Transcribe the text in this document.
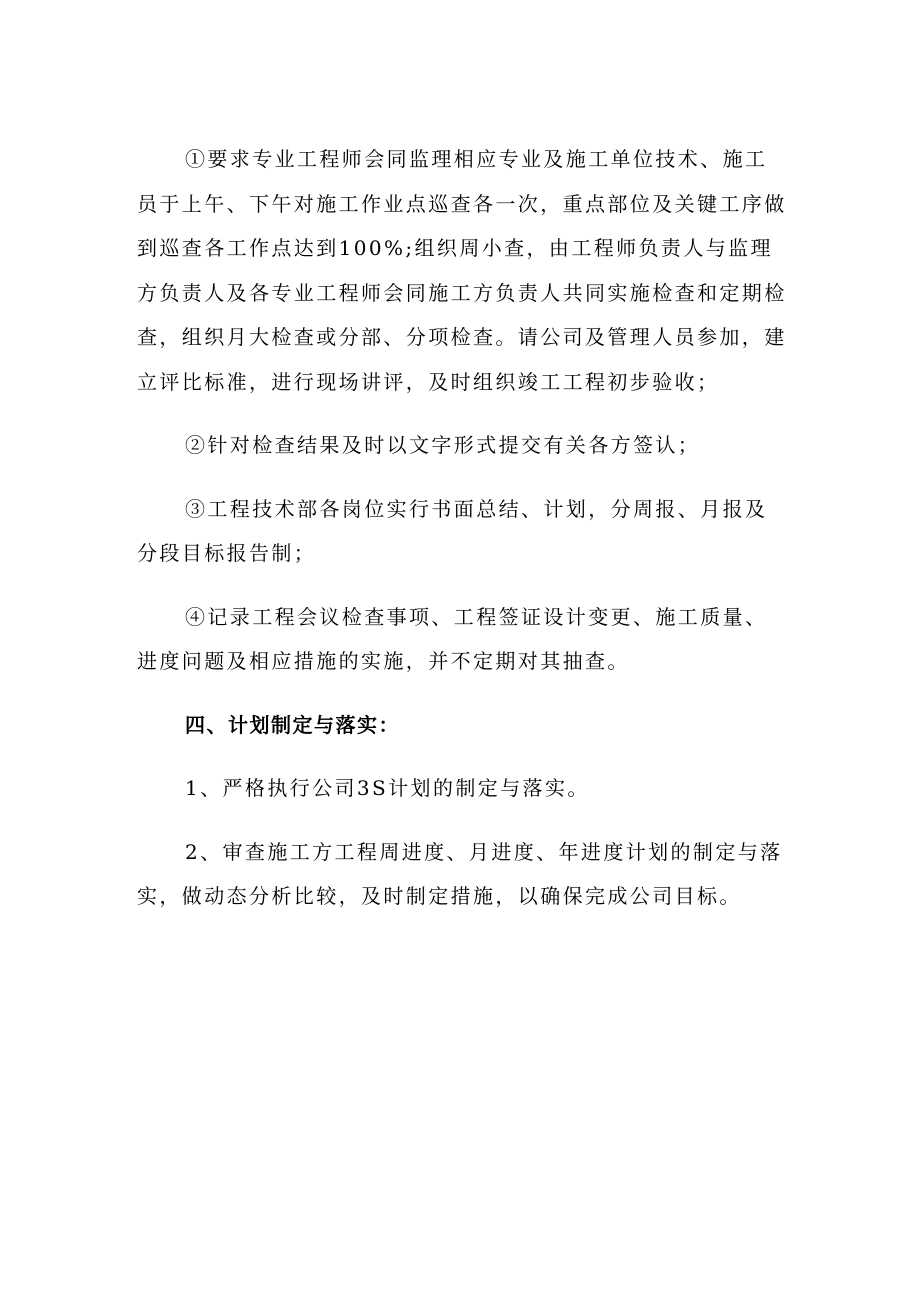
①要求专业工程师会同监理相应专业及施工单位技术、施工员于上午、下午对施工作业点巡查各一次，重点部位及关键工序做到巡查各工作点达到100%;组织周小查，由工程师负责人与监理方负责人及各专业工程师会同施工方负责人共同实施检查和定期检查，组织月大检查或分部、分项检查。请公司及管理人员参加，建立评比标准，进行现场讲评，及时组织竣工工程初步验收；

②针对检查结果及时以文字形式提交有关各方签认；

③工程技术部各岗位实行书面总结、计划，分周报、月报及分段目标报告制；

④记录工程会议检查事项、工程签证设计变更、施工质量、进度问题及相应措施的实施，并不定期对其抽查。

四、计划制定与落实：

1、严格执行公司3S计划的制定与落实。

2、审查施工方工程周进度、月进度、年进度计划的制定与落实，做动态分析比较，及时制定措施，以确保完成公司目标。
